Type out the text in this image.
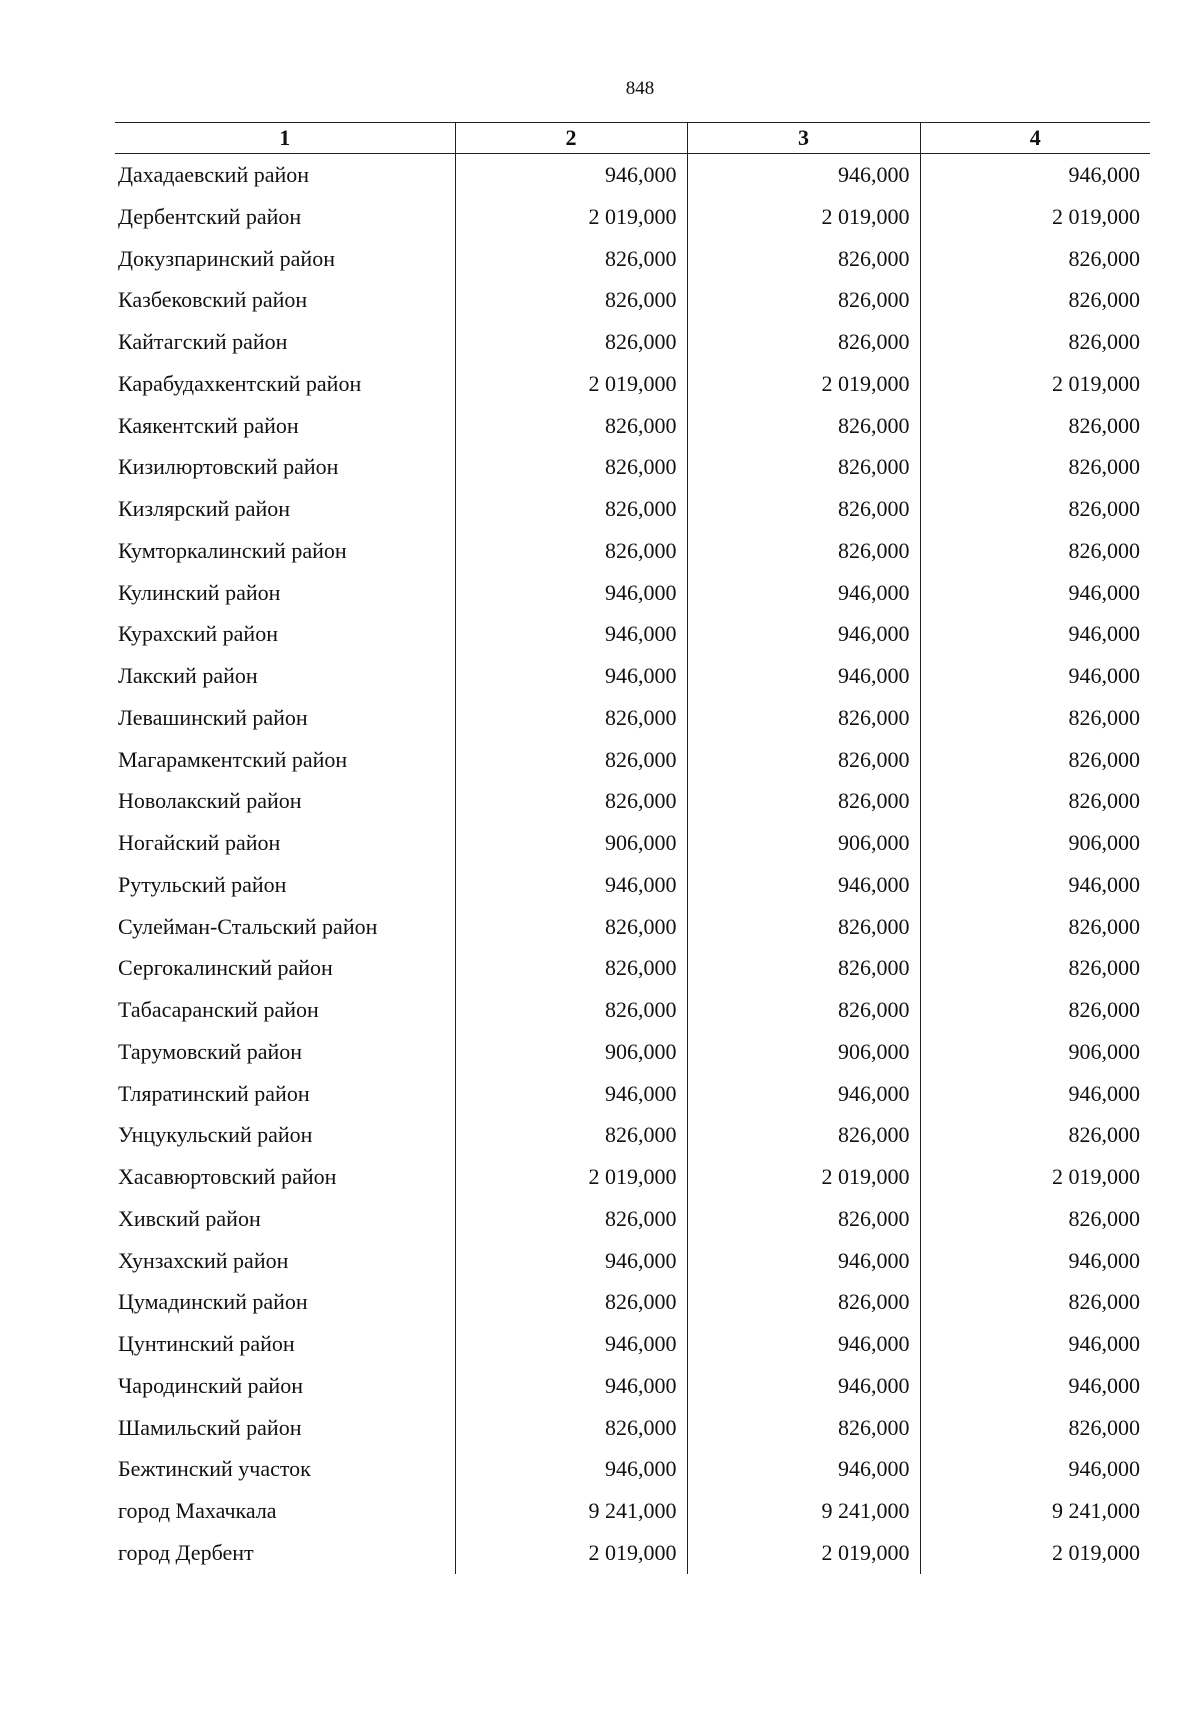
848
1	2	3	4
Дахадаевский район	946,000	946,000	946,000
Дербентский район	2 019,000	2 019,000	2 019,000
Докузпаринский район	826,000	826,000	826,000
Казбековский район	826,000	826,000	826,000
Кайтагский район	826,000	826,000	826,000
Карабудахкентский район	2 019,000	2 019,000	2 019,000
Каякентский район	826,000	826,000	826,000
Кизилюртовский район	826,000	826,000	826,000
Кизлярский район	826,000	826,000	826,000
Кумторкалинский район	826,000	826,000	826,000
Кулинский район	946,000	946,000	946,000
Курахский район	946,000	946,000	946,000
Лакский район	946,000	946,000	946,000
Левашинский район	826,000	826,000	826,000
Магарамкентский район	826,000	826,000	826,000
Новолакский район	826,000	826,000	826,000
Ногайский район	906,000	906,000	906,000
Рутульский район	946,000	946,000	946,000
Сулейман-Стальский район	826,000	826,000	826,000
Сергокалинский район	826,000	826,000	826,000
Табасаранский район	826,000	826,000	826,000
Тарумовский район	906,000	906,000	906,000
Тляратинский район	946,000	946,000	946,000
Унцукульский район	826,000	826,000	826,000
Хасавюртовский район	2 019,000	2 019,000	2 019,000
Хивский район	826,000	826,000	826,000
Хунзахский район	946,000	946,000	946,000
Цумадинский район	826,000	826,000	826,000
Цунтинский район	946,000	946,000	946,000
Чародинский район	946,000	946,000	946,000
Шамильский район	826,000	826,000	826,000
Бежтинский участок	946,000	946,000	946,000
город Махачкала	9 241,000	9 241,000	9 241,000
город Дербент	2 019,000	2 019,000	2 019,000
